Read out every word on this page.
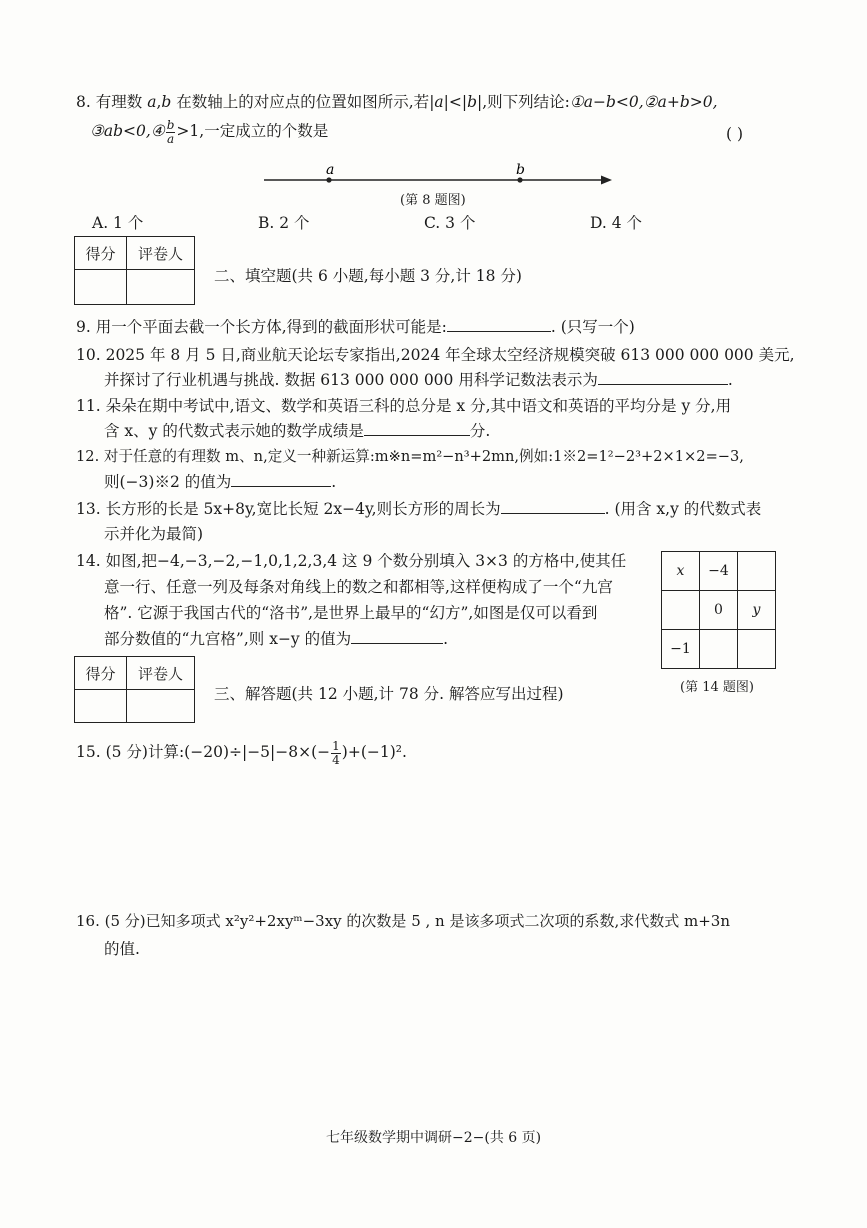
8. 有理数 a,b 在数轴上的对应点的位置如图所示,若|a|<|b|,则下列结论:①a−b<0,②a+b>0,
③ab<0,④ $\frac{b}{a} >1$,一定成立的个数是	( )
a	b
(第 8 题图)
A. 1 个	B. 2 个	C. 3 个	D. 4 个
得分	评卷人

二、填空题(共 6 小题,每小题 3 分,计 18 分)
9. 用一个平面去截一个长方体,得到的截面形状可能是:	. (只写一个)
10. 2025 年 8 月 5 日,商业航天论坛专家指出,2024 年全球太空经济规模突破 613 000 000 000 美元,
并探讨了行业机遇与挑战. 数据 613 000 000 000 用科学记数法表示为	.
11. 朵朵在期中考试中,语文、数学和英语三科的总分是 x 分,其中语文和英语的平均分是 y 分,用
含 x、y 的代数式表示她的数学成绩是	分.
12. 对于任意的有理数 m、n,定义一种新运算:m※n=m²−n³+2mn,例如:1※2=1²−2³+2×1×2=−3,
则(−3)※2 的值为	.
13. 长方形的长是 5x+8y,宽比长短 2x−4y,则长方形的周长为	. (用含 x,y 的代数式表
示并化为最简)
14. 如图,把−4,−3,−2,−1,0,1,2,3,4 这 9 个数分别填入 3×3 的方格中,使其任
意一行、任意一列及每条对角线上的数之和都相等,这样便构成了一个“九宫
格”. 它源于我国古代的“洛书”,是世界上最早的“幻方”,如图是仅可以看到
部分数值的“九宫格”,则 x−y 的值为	.
x	−4	
	0	y
−1		
(第 14 题图)
得分	评卷人

三、解答题(共 12 小题,计 78 分. 解答应写出过程)
15. (5 分)计算:(−20)÷|−5|−8×(− $\frac{1}{4} )+(-1)^2$.
16. (5 分)已知多项式 x²y²+2xyᵐ−3xy 的次数是 5 , n 是该多项式二次项的系数,求代数式 m+3n
的值.
七年级数学期中调研−2−(共 6 页)
